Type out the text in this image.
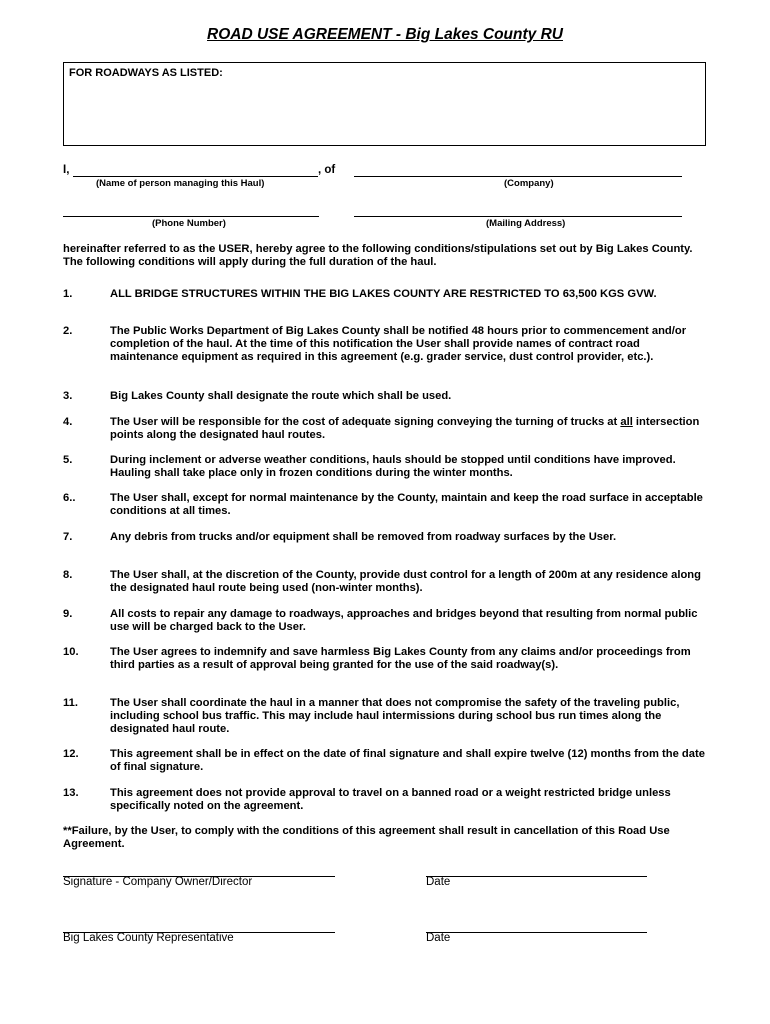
ROAD USE AGREEMENT - Big Lakes County RU
FOR ROADWAYS AS LISTED:
I,	, of
(Name of person managing this Haul)	(Company)
(Phone Number)	(Mailing Address)
hereinafter referred to as the USER, hereby agree to the following conditions/stipulations set out by Big Lakes County. The following conditions will apply during the full duration of the haul.
1.	ALL BRIDGE STRUCTURES WITHIN THE BIG LAKES COUNTY ARE RESTRICTED TO 63,500 KGS GVW.
2.	The Public Works Department of Big Lakes County shall be notified 48 hours prior to commencement and/or completion of the haul. At the time of this notification the User shall provide names of contract road maintenance equipment as required in this agreement (e.g. grader service, dust control provider, etc.).
3.	Big Lakes County shall designate the route which shall be used.
4.	The User will be responsible for the cost of adequate signing conveying the turning of trucks at all intersection points along the designated haul routes.
5.	During inclement or adverse weather conditions, hauls should be stopped until conditions have improved. Hauling shall take place only in frozen conditions during the winter months.
6..	The User shall, except for normal maintenance by the County, maintain and keep the road surface in acceptable conditions at all times.
7.	Any debris from trucks and/or equipment shall be removed from roadway surfaces by the User.
8.	The User shall, at the discretion of the County, provide dust control for a length of 200m at any residence along the designated haul route being used (non-winter months).
9.	All costs to repair any damage to roadways, approaches and bridges beyond that resulting from normal public use will be charged back to the User.
10.	The User agrees to indemnify and save harmless Big Lakes County from any claims and/or proceedings from third parties as a result of approval being granted for the use of the said roadway(s).
11.	The User shall coordinate the haul in a manner that does not compromise the safety of the traveling public, including school bus traffic. This may include haul intermissions during school bus run times along the designated haul route.
12.	This agreement shall be in effect on the date of final signature and shall expire twelve (12) months from the date of final signature.
13.	This agreement does not provide approval to travel on a banned road or a weight restricted bridge unless specifically noted on the agreement.
**Failure, by the User, to comply with the conditions of this agreement shall result in cancellation of this Road Use Agreement.
Signature - Company Owner/Director	Date
Big Lakes County Representative	Date
